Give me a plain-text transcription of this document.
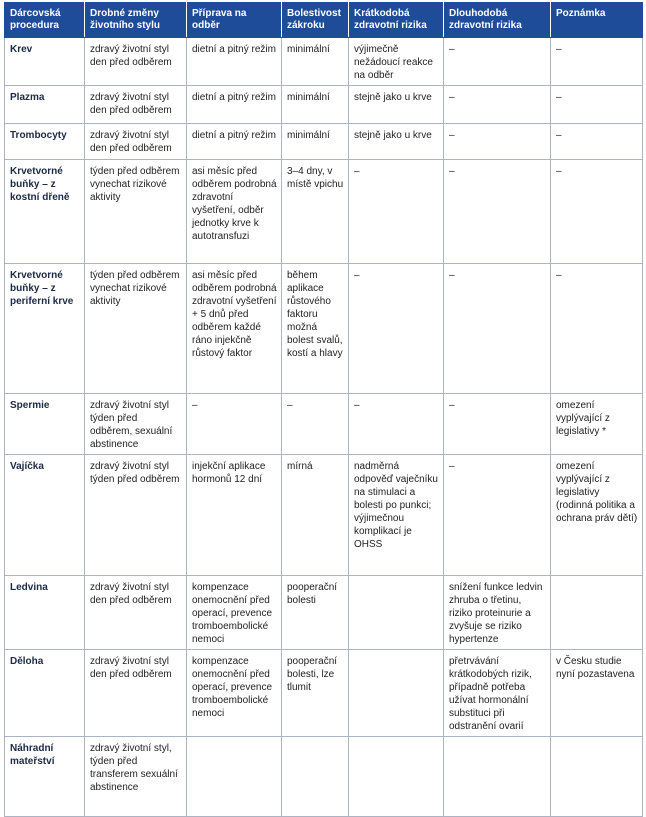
Dárcovská procedura	Drobné změny životního stylu	Příprava na odběr	Bolestivost zákroku	Krátkodobá zdravotní rizika	Dlouhodobá zdravotní rizika	Poznámka
Krev	zdravý životní styl den před odběrem	dietní a pitný režim	minimální	výjimečně nežádoucí reakce na odběr	–	–
Plazma	zdravý životní styl den před odběrem	dietní a pitný režim	minimální	stejně jako u krve	–	–
Trombocyty	zdravý životní styl den před odběrem	dietní a pitný režim	minimální	stejně jako u krve	–	–
Krvetvorné buňky – z kostní dřeně	týden před odběrem vynechat rizikové aktivity	asi měsíc před odběrem podrobná zdravotní vyšetření, odběr jednotky krve k autotransfuzi	3–4 dny, v místě vpichu	–	–	–
Krvetvorné buňky – z periferní krve	týden před odběrem vynechat rizikové aktivity	asi měsíc před odběrem podrobná zdravotní vyšetření + 5 dnů před odběrem každé ráno injekčně růstový faktor	během aplikace růstového faktoru možná bolest svalů, kostí a hlavy	–	–	–
Spermie	zdravý životní styl týden před odběrem, sexuální abstinence	–	–	–	–	omezení vyplývající z legislativy *
Vajíčka	zdravý životní styl týden před odběrem	injekční aplikace hormonů 12 dní	mírná	nadměrná odpověď vaječníku na stimulaci a bolesti po punkci; výjimečnou komplikací je OHSS	–	omezení vyplývající z legislativy (rodinná politika a ochrana práv dětí)
Ledvina	zdravý životní styl den před odběrem	kompenzace onemocnění před operací, prevence tromboembolické nemoci	pooperační bolesti		snížení funkce ledvin zhruba o třetinu, riziko proteinurie a zvyšuje se riziko hypertenze	
Děloha	zdravý životní styl den před odběrem	kompenzace onemocnění před operací, prevence tromboembolické nemoci	pooperační bolesti, lze tlumit		přetrvávání krátkodobých rizik, případně potřeba užívat hormonální substituci při odstranění ovarií	v Česku studie nyní pozastavena
Náhradní mateřství	zdravý životní styl, týden před transferem sexuální abstinence					
